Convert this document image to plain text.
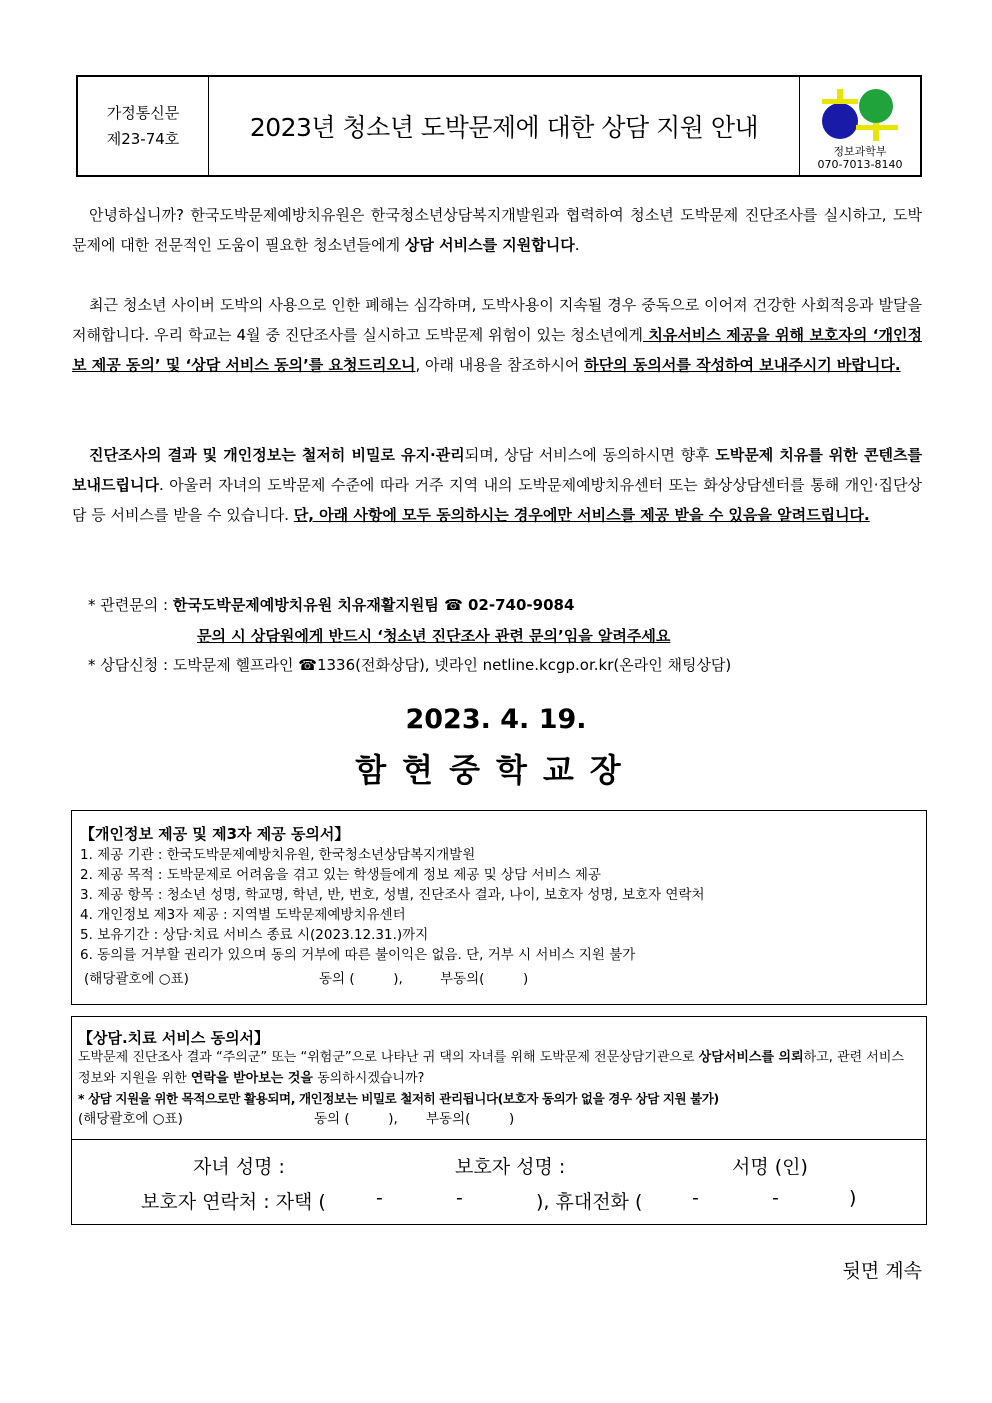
가정통신문
제23-74호	2023년 청소년 도박문제에 대한 상담 지원 안내
정보과학부
070-7013-8140

안녕하십니까? 한국도박문제예방치유원은 한국청소년상담복지개발원과 협력하여 청소년 도박문제 진단조사를 실시하고, 도박문제에 대한 전문적인 도움이 필요한 청소년들에게 상담 서비스를 지원합니다.

최근 청소년 사이버 도박의 사용으로 인한 폐해는 심각하며, 도박사용이 지속될 경우 중독으로 이어져 건강한 사회적응과 발달을 저해합니다. 우리 학교는 4월 중 진단조사를 실시하고 도박문제 위험이 있는 청소년에게 치유서비스 제공을 위해 보호자의 ‘개인정보 제공 동의’ 및 ‘상담 서비스 동의’를 요청드리오니, 아래 내용을 참조하시어 하단의 동의서를 작성하여 보내주시기 바랍니다.

진단조사의 결과 및 개인정보는 철저히 비밀로 유지·관리되며, 상담 서비스에 동의하시면 향후 도박문제 치유를 위한 콘텐츠를 보내드립니다. 아울러 자녀의 도박문제 수준에 따라 거주 지역 내의 도박문제예방치유센터 또는 화상상담센터를 통해 개인·집단상담 등 서비스를 받을 수 있습니다. 단, 아래 사항에 모두 동의하시는 경우에만 서비스를 제공 받을 수 있음을 알려드립니다.

* 관련문의 : 한국도박문제예방치유원 치유재활지원팀 ☎ 02-740-9084
문의 시 상담원에게 반드시 ‘청소년 진단조사 관련 문의’임을 알려주세요
* 상담신청 : 도박문제 헬프라인 ☎1336(전화상담), 넷라인 netline.kcgp.or.kr(온라인 채팅상담)
2023. 4. 19.
함현중학교장
【개인정보 제공 및 제3자 제공 동의서】
1. 제공 기관 : 한국도박문제예방치유원, 한국청소년상담복지개발원
2. 제공 목적 : 도박문제로 어려움을 겪고 있는 학생들에게 정보 제공 및 상담 서비스 제공
3. 제공 항목 : 청소년 성명, 학교명, 학년, 반, 번호, 성별, 진단조사 결과, 나이, 보호자 성명, 보호자 연락처
4. 개인정보 제3자 제공 : 지역별 도박문제예방치유센터
5. 보유기간 : 상담·치료 서비스 종료 시(2023.12.31.)까지
6. 동의를 거부할 권리가 있으며 동의 거부에 따른 불이익은 없음. 단, 거부 시 서비스 지원 불가
(해당괄호에 ○표)	동의 (         ),	부동의(         )
【상담.치료 서비스 동의서】
도박문제 진단조사 결과 “주의군” 또는 “위험군”으로 나타난 귀 댁의 자녀를 위해 도박문제 전문상담기관으로 상담서비스를 의뢰하고, 관련 서비스
정보와 지원을 위한 연락을 받아보는 것을 동의하시겠습니까?
* 상담 지원을 위한 목적으로만 활용되며, 개인정보는 비밀로 철저히 관리됩니다(보호자 동의가 없을 경우 상담 지원 불가)
(해당괄호에 ○표)	동의 (         ), 부동의(         )
자녀 성명 :	보호자 성명 :	서명 (인)
보호자 연락처 : 자택 (	-	-	), 휴대전화 (	-	-	)
뒷면 계속
